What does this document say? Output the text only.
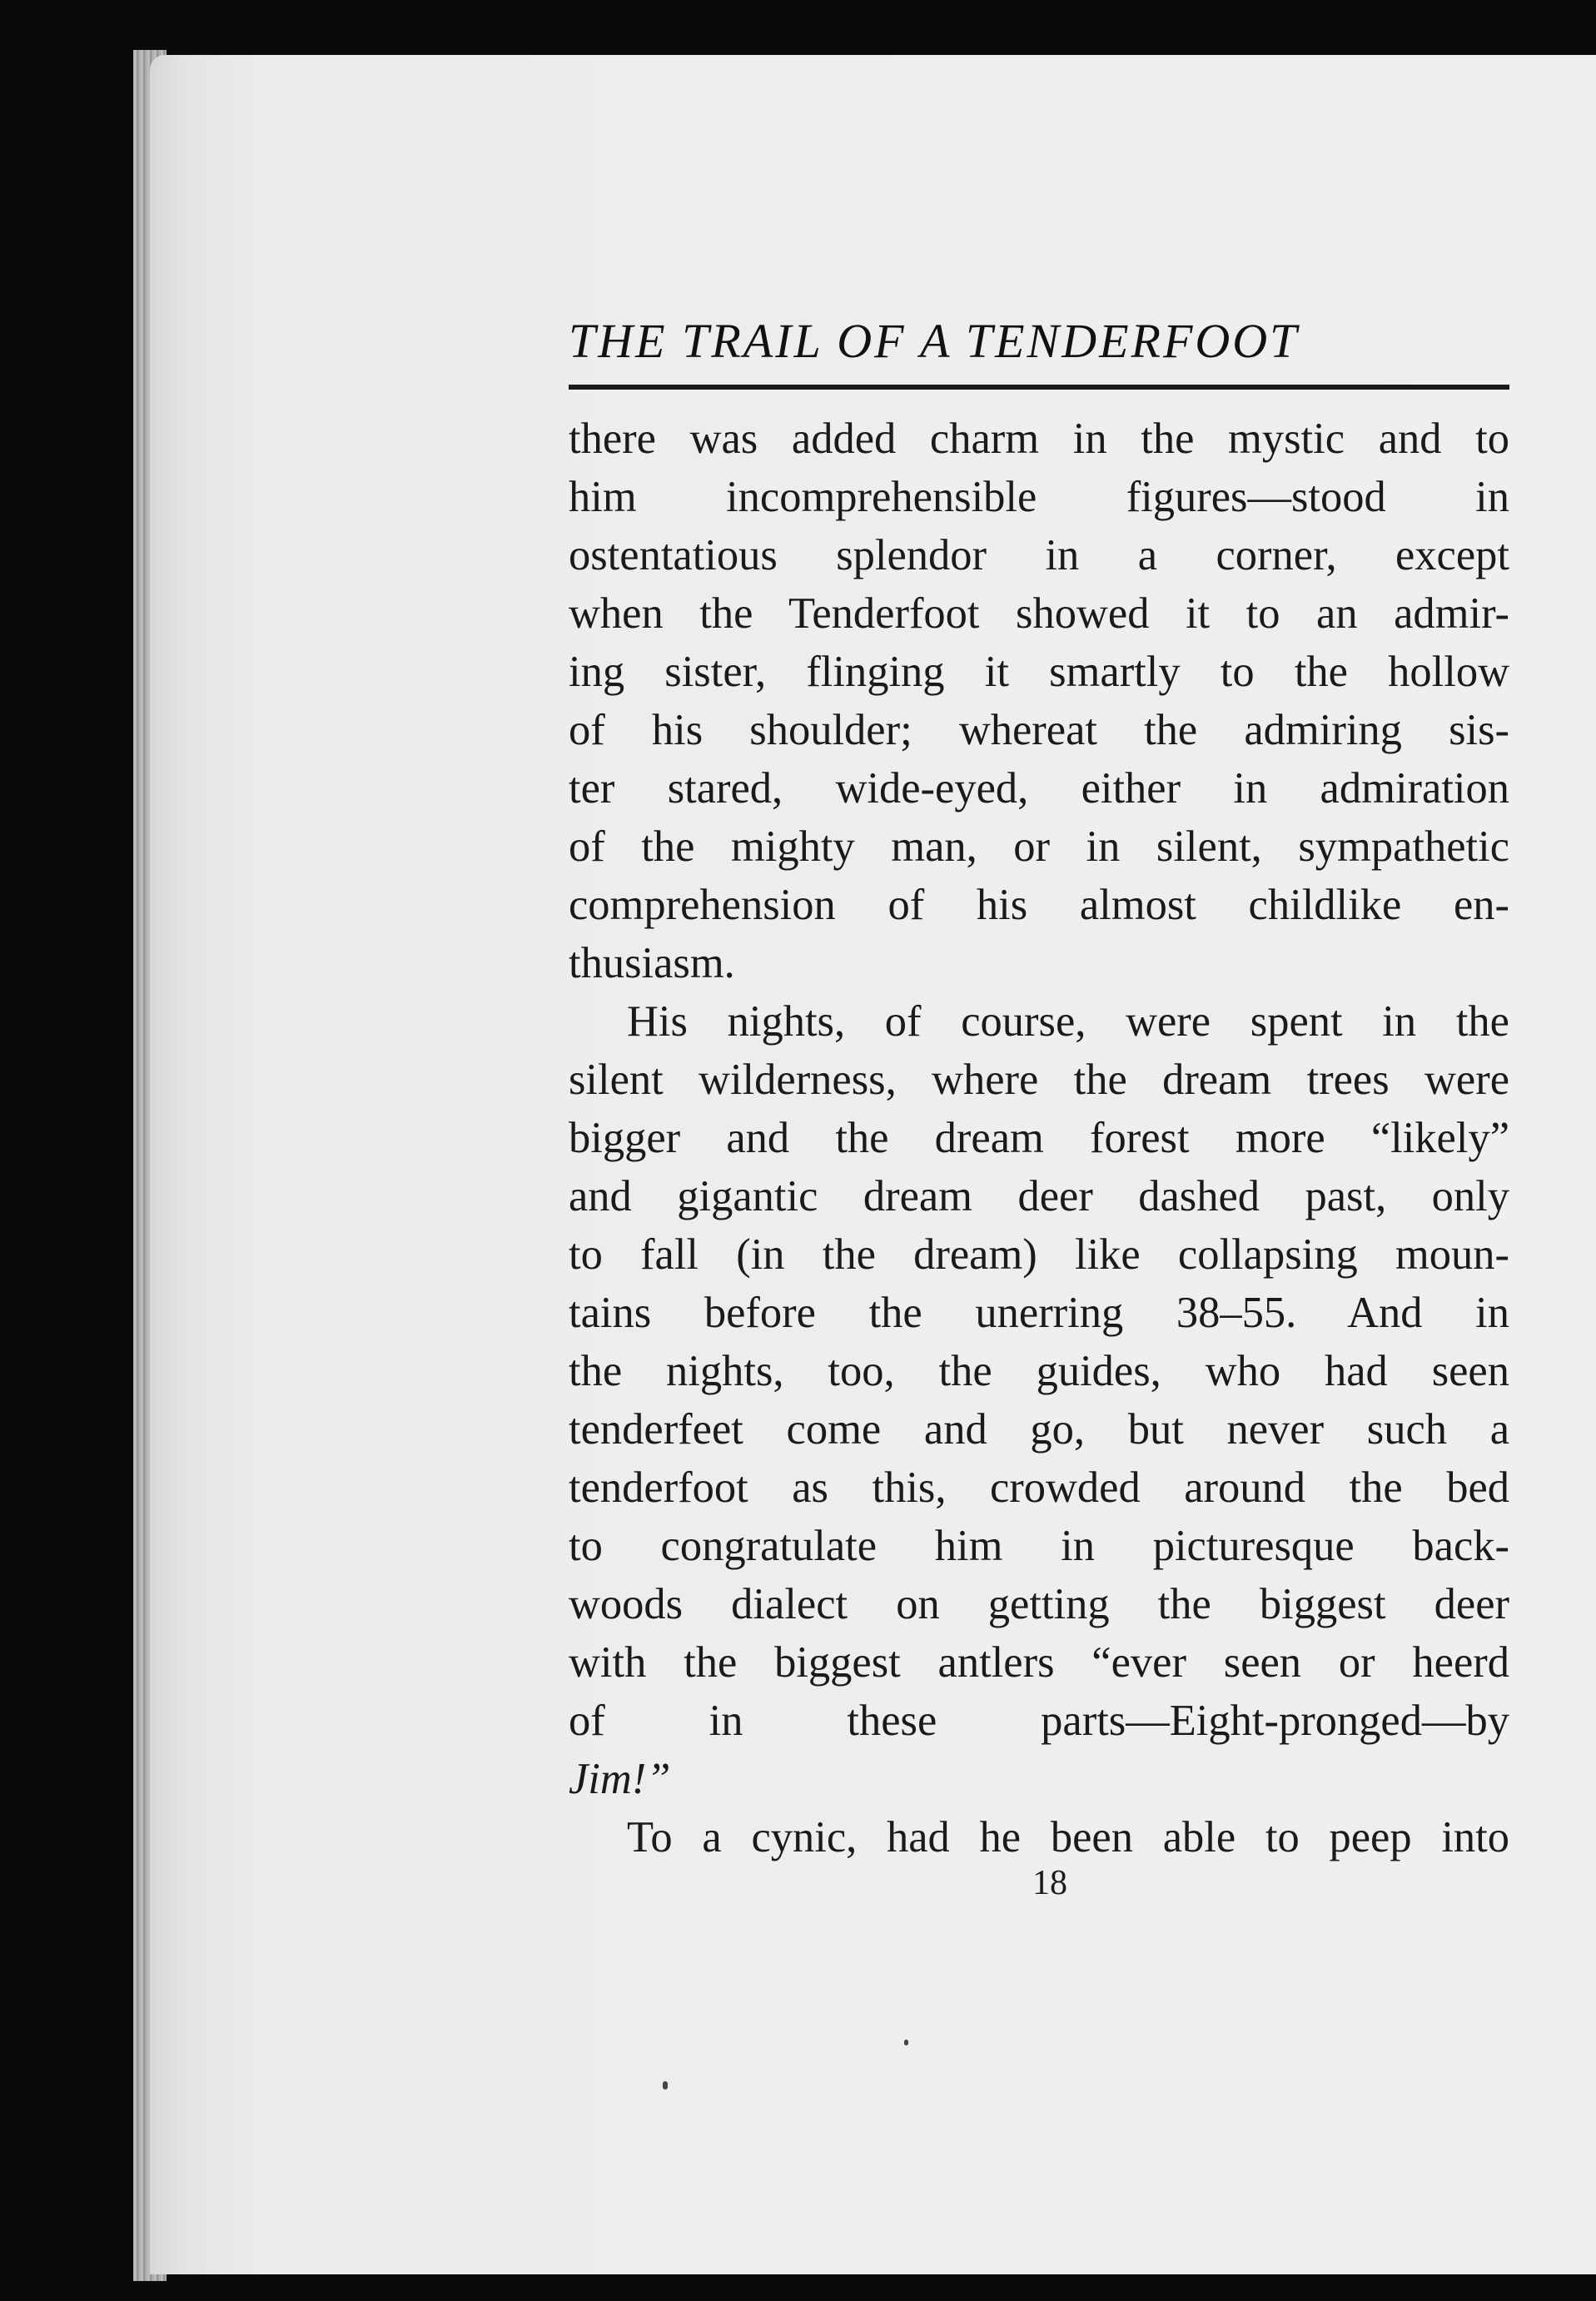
THE TRAIL OF A TENDERFOOT
there was added charm in the mystic and to
him incomprehensible figures—stood in
ostentatious splendor in a corner, except
when the Tenderfoot showed it to an admir-
ing sister, flinging it smartly to the hollow
of his shoulder; whereat the admiring sis-
ter stared, wide-eyed, either in admiration
of the mighty man, or in silent, sympathetic
comprehension of his almost childlike en-
thusiasm.
His nights, of course, were spent in the
silent wilderness, where the dream trees were
bigger and the dream forest more “likely”
and gigantic dream deer dashed past, only
to fall (in the dream) like collapsing moun-
tains before the unerring 38–55. And in
the nights, too, the guides, who had seen
tenderfeet come and go, but never such a
tenderfoot as this, crowded around the bed
to congratulate him in picturesque back-
woods dialect on getting the biggest deer
with the biggest antlers “ever seen or heerd
of in these parts—Eight-pronged—by
Jim!”
To a cynic, had he been able to peep into
18
